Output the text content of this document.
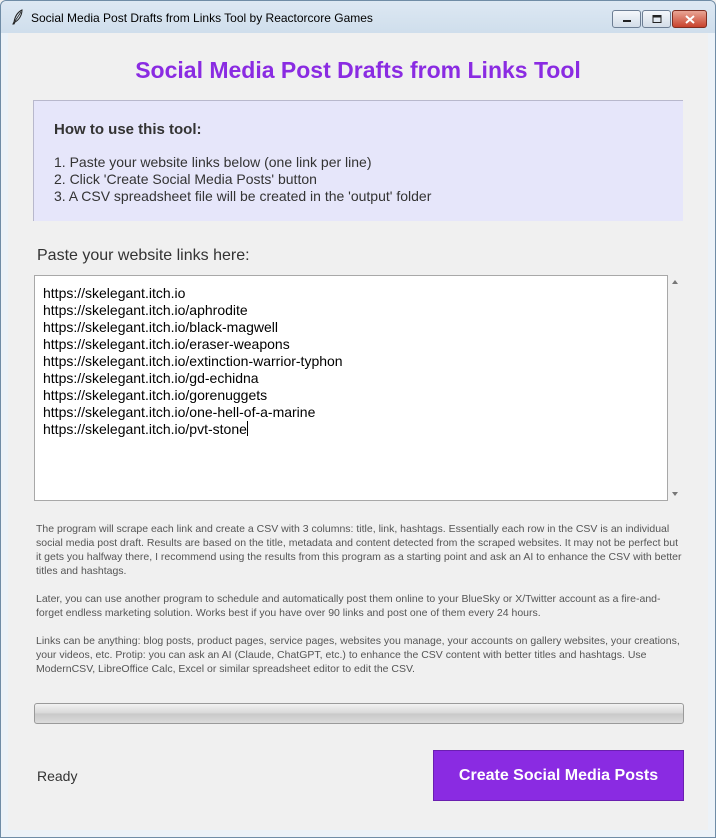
Social Media Post Drafts from Links Tool by Reactorcore Games
Social Media Post Drafts from Links Tool
How to use this tool:
1. Paste your website links below (one link per line)
2. Click 'Create Social Media Posts' button
3. A CSV spreadsheet file will be created in the 'output' folder
Paste your website links here:
https://skelegant.itch.io
https://skelegant.itch.io/aphrodite
https://skelegant.itch.io/black-magwell
https://skelegant.itch.io/eraser-weapons
https://skelegant.itch.io/extinction-warrior-typhon
https://skelegant.itch.io/gd-echidna
https://skelegant.itch.io/gorenuggets
https://skelegant.itch.io/one-hell-of-a-marine
https://skelegant.itch.io/pvt-stone

The program will scrape each link and create a CSV with 3 columns: title, link, hashtags. Essentially each row in the CSV is an individual social media post draft. Results are based on the title, metadata and content detected from the scraped websites. It may not be perfect but it gets you halfway there, I recommend using the results from this program as a starting point and ask an AI to enhance the CSV with better titles and hashtags.

Later, you can use another program to schedule and automatically post them online to your BlueSky or X/Twitter account as a fire-and-forget endless marketing solution. Works best if you have over 90 links and post one of them every 24 hours.

Links can be anything: blog posts, product pages, service pages, websites you manage, your accounts on gallery websites, your creations, your videos, etc. Protip: you can ask an AI (Claude, ChatGPT, etc.) to enhance the CSV content with better titles and hashtags. Use ModernCSV, LibreOffice Calc, Excel or similar spreadsheet editor to edit the CSV.

Ready	Create Social Media Posts
